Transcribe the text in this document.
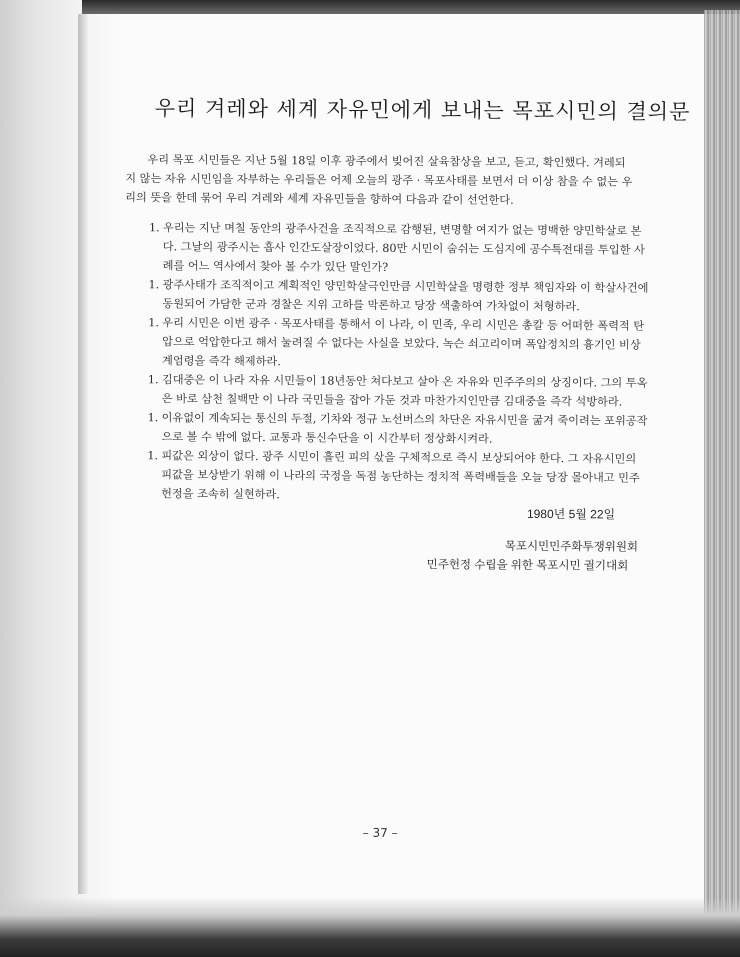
우리 겨레와 세계 자유민에게 보내는 목포시민의 결의문

우리 목포 시민들은 지난 5월 18일 이후 광주에서 빚어진 살육참상을 보고, 듣고, 확인했다. 겨레되지 않는 자유 시민임을 자부하는 우리들은 어제 오늘의 광주 · 목포사태를 보면서 더 이상 참을 수 없는 우리의 뜻을 한데 묶어 우리 겨레와 세계 자유민들을 향하여 다음과 같이 선언한다.

1. 우리는 지난 며칠 동안의 광주사건을 조직적으로 감행된, 변명할 여지가 없는 명백한 양민학살로 본다. 그날의 광주시는 흡사 인간도살장이었다. 80만 시민이 숨쉬는 도심지에 공수특전대를 투입한 사례를 어느 역사에서 찾아 볼 수가 있단 말인가?
1. 광주사태가 조직적이고 계획적인 양민학살극인만큼 시민학살을 명령한 정부 책임자와 이 학살사건에 동원되어 가담한 군과 경찰은 지위 고하를 막론하고 당장 색출하여 가차없이 처형하라.
1. 우리 시민은 이번 광주 · 목포사태를 통해서 이 나라, 이 민족, 우리 시민은 총칼 등 어떠한 폭력적 탄압으로 억압한다고 해서 눌려질 수 없다는 사실을 보았다. 녹슨 쇠고리이며 폭압정치의 흉기인 비상계엄령을 즉각 해제하라.
1. 김대중은 이 나라 자유 시민들이 18년동안 쳐다보고 살아 온 자유와 민주주의의 상징이다. 그의 투옥은 바로 삼천 칠백만 이 나라 국민들을 잡아 가둔 것과 마찬가지인만큼 김대중을 즉각 석방하라.
1. 이유없이 계속되는 통신의 두절, 기차와 정규 노선버스의 차단은 자유시민을 굶겨 죽이려는 포위공작으로 볼 수 밖에 없다. 교통과 통신수단을 이 시간부터 정상화시켜라.
1. 피값은 외상이 없다. 광주 시민이 흘린 피의 삯을 구체적으로 즉시 보상되어야 한다. 그 자유시민의 피값을 보상받기 위해 이 나라의 국정을 독점 농단하는 정치적 폭력배들을 오늘 당장 몰아내고 민주헌정을 조속히 실현하라.
1980년 5월 22일
목포시민민주화투쟁위원회
민주헌정 수립을 위한 목포시민 궐기대회
– 37 –
